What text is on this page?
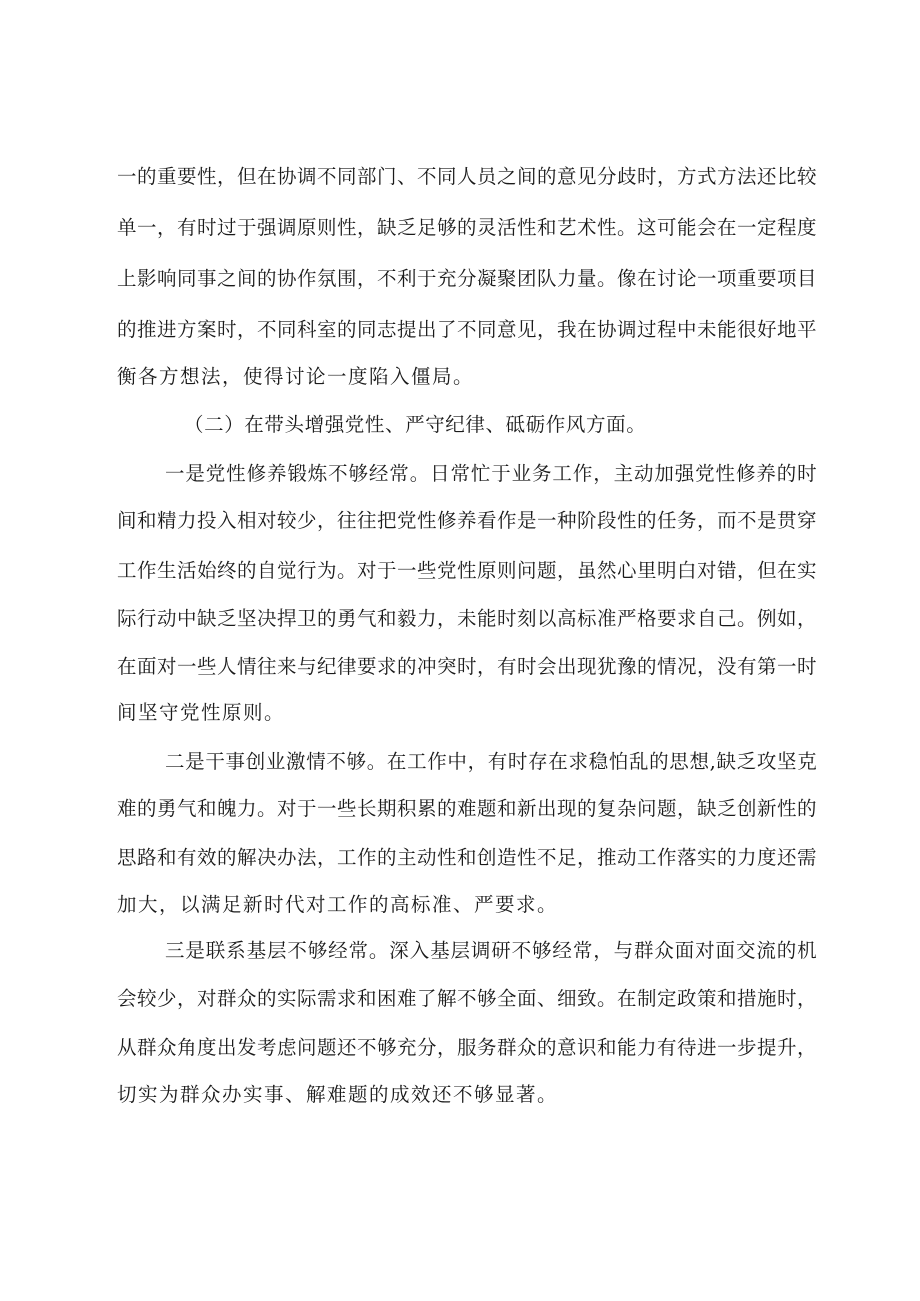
一 的 重 要 性 ， 但 在 协 调 不 同 部 门 、 不 同 人 员 之 间 的 意 见 分 歧 时 ， 方 式 方 法 还 比 较

单 一 ， 有 时 过 于 强 调 原 则 性 ， 缺 乏 足 够 的 灵 活 性 和 艺 术 性 。 这 可 能 会 在 一 定 程 度

上 影 响 同 事 之 间 的 协 作 氛 围 ， 不 利 于 充 分 凝 聚 团 队 力 量 。 像 在 讨 论 一 项 重 要 项 目

的 推 进 方 案 时 ， 不 同 科 室 的 同 志 提 出 了 不 同 意 见 ， 我 在 协 调 过 程 中 未 能 很 好 地 平

衡各方想法，使得讨论一度陷入僵局。

（二）在带头增强党性、严守纪律、砥砺作风方面。

一 是 党 性 修 养 锻 炼 不 够 经 常 。 日 常 忙 于 业 务 工 作 ， 主 动 加 强 党 性 修 养 的 时

间 和 精 力 投 入 相 对 较 少 ， 往 往 把 党 性 修 养 看 作 是 一 种 阶 段 性 的 任 务 ， 而 不 是 贯 穿

工 作 生 活 始 终 的 自 觉 行 为 。 对 于 一 些 党 性 原 则 问 题 ， 虽 然 心 里 明 白 对 错 ， 但 在 实

际 行 动 中 缺 乏 坚 决 捍 卫 的 勇 气 和 毅 力 ， 未 能 时 刻 以 高 标 准 严 格 要 求 自 己 。 例 如 ，

在 面 对 一 些 人 情 往 来 与 纪 律 要 求 的 冲 突 时 ， 有 时 会 出 现 犹 豫 的 情 况 ， 没 有 第 一 时

间坚守党性原则。

二 是 干 事 创 业 激 情 不 够 。 在 工 作 中 ， 有 时 存 在 求 稳 怕 乱 的 思 想 , 缺 乏 攻 坚 克

难 的 勇 气 和 魄 力 。 对 于 一 些 长 期 积 累 的 难 题 和 新 出 现 的 复 杂 问 题 ， 缺 乏 创 新 性 的

思 路 和 有 效 的 解 决 办 法 ， 工 作 的 主 动 性 和 创 造 性 不 足 ， 推 动 工 作 落 实 的 力 度 还 需

加大，以满足新时代对工作的高标准、严要求。

三 是 联 系 基 层 不 够 经 常 。 深 入 基 层 调 研 不 够 经 常 ， 与 群 众 面 对 面 交 流 的 机

会 较 少 ， 对 群 众 的 实 际 需 求 和 困 难 了 解 不 够 全 面 、 细 致 。 在 制 定 政 策 和 措 施 时 ，

从 群 众 角 度 出 发 考 虑 问 题 还 不 够 充 分 ， 服 务 群 众 的 意 识 和 能 力 有 待 进 一 步 提 升 ，

切实为群众办实事、解难题的成效还不够显著。
